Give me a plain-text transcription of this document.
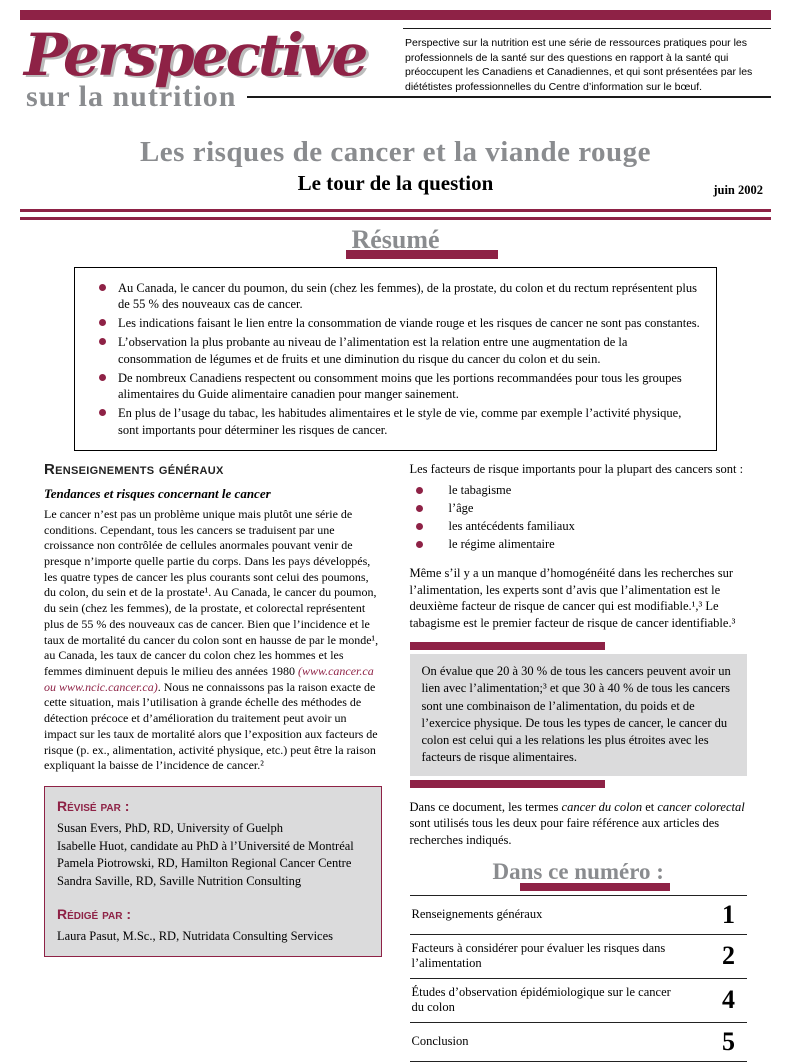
Perspective
sur la nutrition
Perspective sur la nutrition est une série de ressources pratiques pour les professionnels de la santé sur des questions en rapport à la santé qui préoccupent les Canadiens et Canadiennes, et qui sont présentées par les diététistes professionnelles du Centre d’information sur le bœuf.
Les risques de cancer et la viande rouge
Le tour de la question	juin 2002
Résumé
Au Canada, le cancer du poumon, du sein (chez les femmes), de la prostate, du colon et du rectum représentent plus de 55 % des nouveaux cas de cancer.
Les indications faisant le lien entre la consommation de viande rouge et les risques de cancer ne sont pas constantes.
L’observation la plus probante au niveau de l’alimentation est la relation entre une augmentation de la consommation de légumes et de fruits et une diminution du risque du cancer du colon et du sein.
De nombreux Canadiens respectent ou consomment moins que les portions recommandées pour tous les groupes alimentaires du Guide alimentaire canadien pour manger sainement.
En plus de l’usage du tabac, les habitudes alimentaires et le style de vie, comme par exemple l’activité physique, sont importants pour déterminer les risques de cancer.
Renseignements généraux
Tendances et risques concernant le cancer

Le cancer n’est pas un problème unique mais plutôt une série de conditions. Cependant, tous les cancers se traduisent par une croissance non contrôlée de cellules anormales pouvant venir de presque n’importe quelle partie du corps. Dans les pays développés, les quatre types de cancer les plus courants sont celui des poumons, du colon, du sein et de la prostate¹. Au Canada, le cancer du poumon, du sein (chez les femmes), de la prostate, et colorectal représentent plus de 55 % des nouveaux cas de cancer. Bien que l’incidence et le taux de mortalité du cancer du colon sont en hausse de par le monde¹, au Canada, les taux de cancer du colon chez les hommes et les femmes diminuent depuis le milieu des années 1980 (www.cancer.ca ou www.ncic.cancer.ca). Nous ne connaissons pas la raison exacte de cette situation, mais l’utilisation à grande échelle des méthodes de détection précoce et d’amélioration du traitement peut avoir un impact sur les taux de mortalité alors que l’exposition aux facteurs de risque (p. ex., alimentation, activité physique, etc.) peut être la raison expliquant la baisse de l’incidence de cancer.²

Révisé par :
Susan Evers, PhD, RD, University of Guelph
Isabelle Huot, candidate au PhD à l’Université de Montréal
Pamela Piotrowski, RD, Hamilton Regional Cancer Centre
Sandra Saville, RD, Saville Nutrition Consulting
Rédigé par :
Laura Pasut, M.Sc., RD, Nutridata Consulting Services

Les facteurs de risque importants pour la plupart des cancers sont :

le tabagisme
l’âge
les antécédents familiaux
le régime alimentaire

Même s’il y a un manque d’homogénéité dans les recherches sur l’alimentation, les experts sont d’avis que l’alimentation est le deuxième facteur de risque de cancer qui est modifiable.¹,³ Le tabagisme est le premier facteur de risque de cancer identifiable.³

On évalue que 20 à 30 % de tous les cancers peuvent avoir un lien avec l’alimentation;³ et que 30 à 40 % de tous les cancers sont une combinaison de l’alimentation, du poids et de l’exercice physique. De tous les types de cancer, le cancer du colon est celui qui a les relations les plus étroites avec les facteurs de risque alimentaires.

Dans ce document, les termes cancer du colon et cancer colorectal sont utilisés tous les deux pour faire référence aux articles des recherches indiqués.

Dans ce numéro :
Renseignements généraux	1
Facteurs à considérer pour évaluer les risques dans l’alimentation	2
Études d’observation épidémiologique sur le cancer du colon	4
Conclusion	5
